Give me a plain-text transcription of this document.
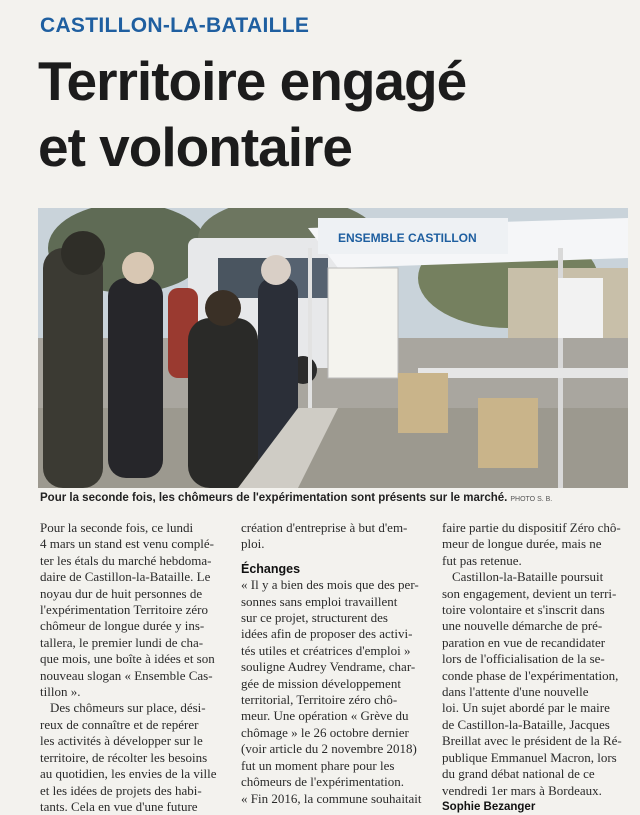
CASTILLON-LA-BATAILLE
Territoire engagé
et volontaire
ENSEMBLE CASTILLON
Pour la seconde fois, les chômeurs de l'expérimentation sont présents sur le marché. PHOTO S. B.
Pour la seconde fois, ce lundi
4 mars un stand est venu complé-
ter les étals du marché hebdoma-
daire de Castillon-la-Bataille. Le
noyau dur de huit personnes de
l'expérimentation Territoire zéro
chômeur de longue durée y ins-
tallera, le premier lundi de cha-
que mois, une boîte à idées et son
nouveau slogan « Ensemble Cas-
tillon ».
Des chômeurs sur place, dési-
reux de connaître et de repérer
les activités à développer sur le
territoire, de récolter les besoins
au quotidien, les envies de la ville
et les idées de projets des habi-
tants. Cela en vue d'une future
création d'entreprise à but d'em-
ploi.
Échanges
« Il y a bien des mois que des per-
sonnes sans emploi travaillent
sur ce projet, structurent des
idées afin de proposer des activi-
tés utiles et créatrices d'emploi »
souligne Audrey Vendrame, char-
gée de mission développement
territorial, Territoire zéro chô-
meur. Une opération « Grève du
chômage » le 26 octobre dernier
(voir article du 2 novembre 2018)
fut un moment phare pour les
chômeurs de l'expérimentation.
« Fin 2016, la commune souhaitait
faire partie du dispositif Zéro chô-
meur de longue durée, mais ne
fut pas retenue.
Castillon-la-Bataille poursuit
son engagement, devient un terri-
toire volontaire et s'inscrit dans
une nouvelle démarche de pré-
paration en vue de recandidater
lors de l'officialisation de la se-
conde phase de l'expérimentation,
dans l'attente d'une nouvelle
loi. Un sujet abordé par le maire
de Castillon-la-Bataille, Jacques
Breillat avec le président de la Ré-
publique Emmanuel Macron, lors
du grand débat national de ce
vendredi 1er mars à Bordeaux.
Sophie Bezanger
